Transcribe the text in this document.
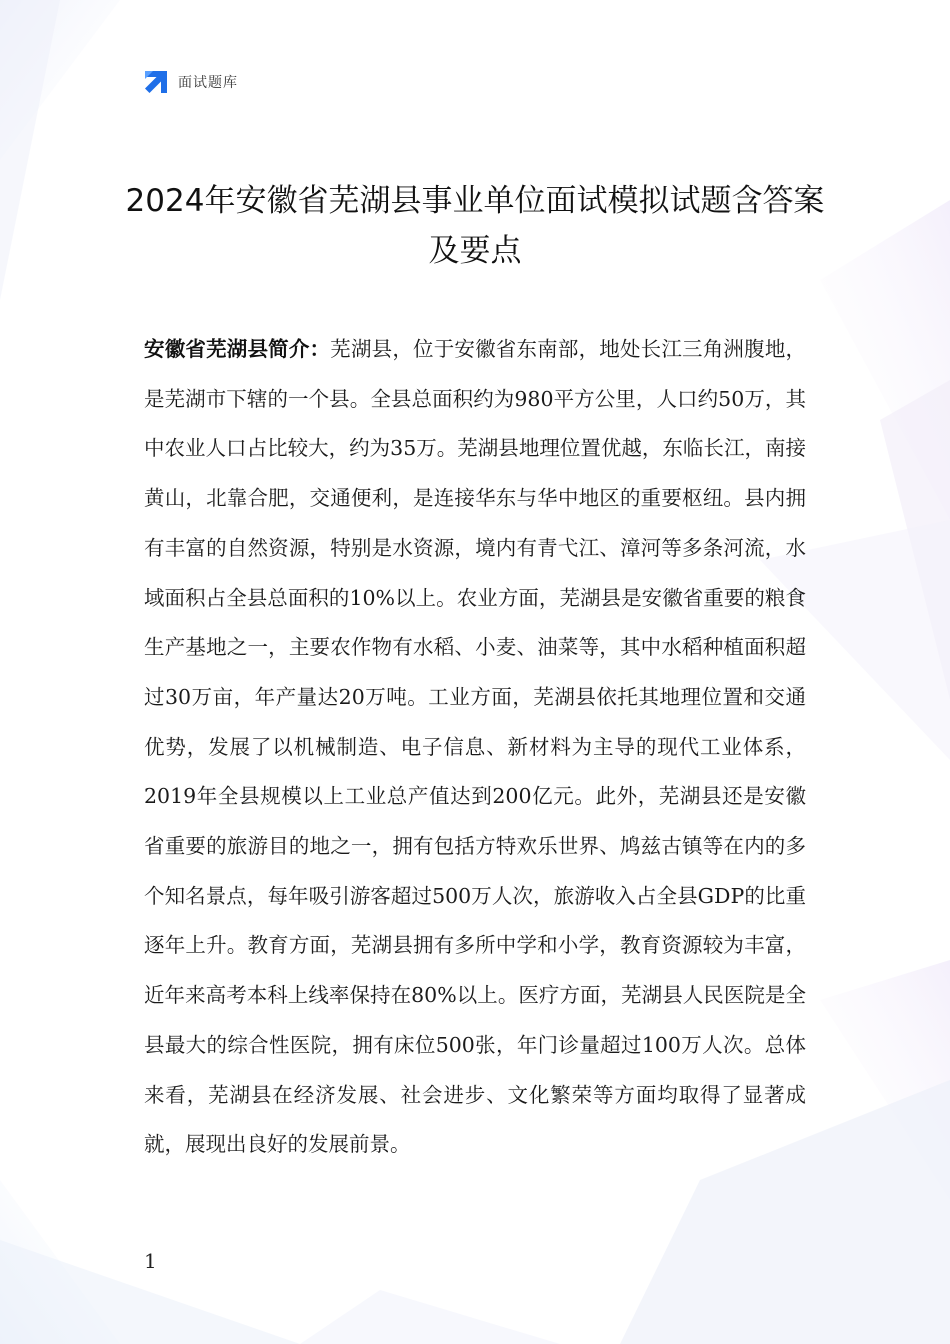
面试题库
2024年安徽省芜湖县事业单位面试模拟试题含答案及要点

安徽省芜湖县简介：芜湖县，位于安徽省东南部，地处长江三角洲腹地，是芜湖市下辖的一个县。全县总面积约为980平方公里，人口约50万，其中农业人口占比较大，约为35万。芜湖县地理位置优越，东临长江，南接黄山，北靠合肥，交通便利，是连接华东与华中地区的重要枢纽。县内拥有丰富的自然资源，特别是水资源，境内有青弋江、漳河等多条河流，水域面积占全县总面积的10%以上。农业方面，芜湖县是安徽省重要的粮食生产基地之一，主要农作物有水稻、小麦、油菜等，其中水稻种植面积超过30万亩，年产量达20万吨。工业方面，芜湖县依托其地理位置和交通优势，发展了以机械制造、电子信息、新材料为主导的现代工业体系，2019年全县规模以上工业总产值达到200亿元。此外，芜湖县还是安徽省重要的旅游目的地之一，拥有包括方特欢乐世界、鸠兹古镇等在内的多个知名景点，每年吸引游客超过500万人次，旅游收入占全县GDP的比重逐年上升。教育方面，芜湖县拥有多所中学和小学，教育资源较为丰富，近年来高考本科上线率保持在80%以上。医疗方面，芜湖县人民医院是全县最大的综合性医院，拥有床位500张，年门诊量超过100万人次。总体来看，芜湖县在经济发展、社会进步、文化繁荣等方面均取得了显著成就，展现出良好的发展前景。

1
